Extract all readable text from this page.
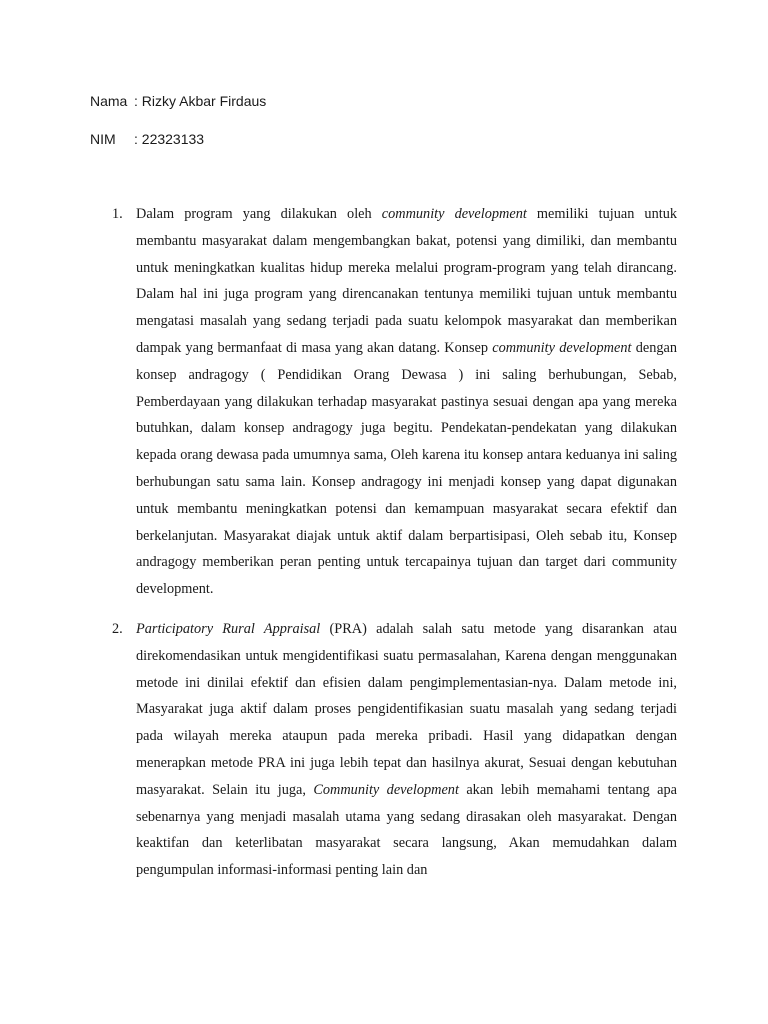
Nama : Rizky Akbar Firdaus
NIM : 22323133
1. Dalam program yang dilakukan oleh community development memiliki tujuan untuk membantu masyarakat dalam mengembangkan bakat, potensi yang dimiliki, dan membantu untuk meningkatkan kualitas hidup mereka melalui program-program yang telah dirancang. Dalam hal ini juga program yang direncanakan tentunya memiliki tujuan untuk membantu mengatasi masalah yang sedang terjadi pada suatu kelompok masyarakat dan memberikan dampak yang bermanfaat di masa yang akan datang. Konsep community development dengan konsep andragogy ( Pendidikan Orang Dewasa ) ini saling berhubungan, Sebab, Pemberdayaan yang dilakukan terhadap masyarakat pastinya sesuai dengan apa yang mereka butuhkan, dalam konsep andragogy juga begitu. Pendekatan-pendekatan yang dilakukan kepada orang dewasa pada umumnya sama, Oleh karena itu konsep antara keduanya ini saling berhubungan satu sama lain. Konsep andragogy ini menjadi konsep yang dapat digunakan untuk membantu meningkatkan potensi dan kemampuan masyarakat secara efektif dan berkelanjutan. Masyarakat diajak untuk aktif dalam berpartisipasi, Oleh sebab itu, Konsep andragogy memberikan peran penting untuk tercapainya tujuan dan target dari community development.
2. Participatory Rural Appraisal (PRA) adalah salah satu metode yang disarankan atau direkomendasikan untuk mengidentifikasi suatu permasalahan, Karena dengan menggunakan metode ini dinilai efektif dan efisien dalam pengimplementasian-nya. Dalam metode ini, Masyarakat juga aktif dalam proses pengidentifikasian suatu masalah yang sedang terjadi pada wilayah mereka ataupun pada mereka pribadi. Hasil yang didapatkan dengan menerapkan metode PRA ini juga lebih tepat dan hasilnya akurat, Sesuai dengan kebutuhan masyarakat. Selain itu juga, Community development akan lebih memahami tentang apa sebenarnya yang menjadi masalah utama yang sedang dirasakan oleh masyarakat. Dengan keaktifan dan keterlibatan masyarakat secara langsung, Akan memudahkan dalam pengumpulan informasi-informasi penting lain dan
